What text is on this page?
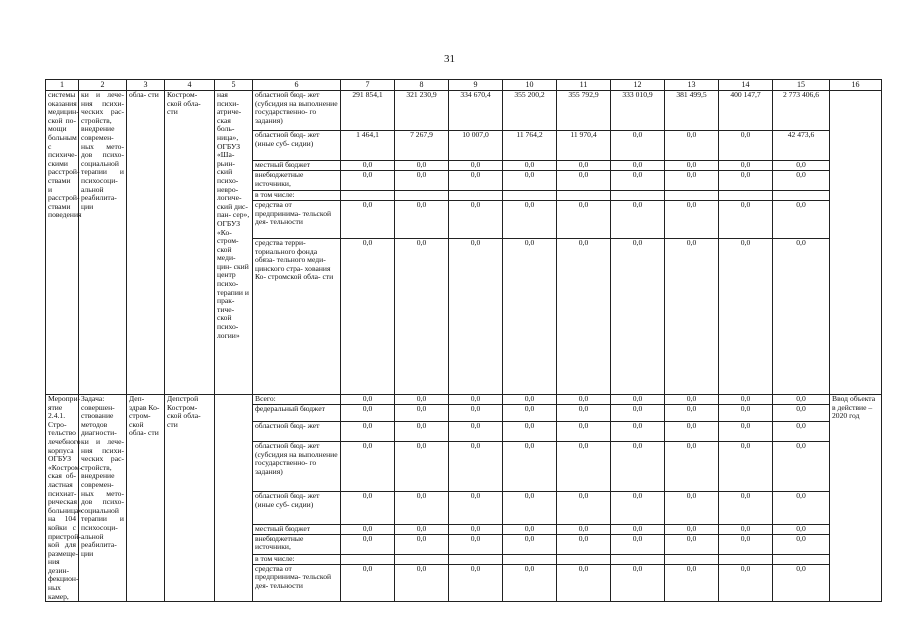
31
1	2	3	4	5	6	7	8	9	10	11	12	13	14	15	16
системы оказания медицин- ской по- мощи больным с психиче- скими расстрой- ствами и расстрой- ствами поведения	ки и лече- ния психи- ческих рас- стройств, внедрение современ- ных мето- дов психо- социальной терапии и психосоци- альной реабилита- ции	обла- сти	Костром- ской обла- сти	ная психи- атриче- ская боль- ница», ОГБУЗ «Ша- рьин- ский психо- невро- логиче- ский дис- пан- сер», ОГБУЗ «Ко- стром- ской меди- цин- ский центр психо- терапии и прак- тиче- ской психо- логии»	областной бюд- жет (субсидия на выполнение государственно- го задания)	291 854,1	321 230,9	334 670,4	355 200,2	355 792,9	333 010,9	381 499,5	400 147,7	2 773 406,6	
					областной бюд- жет (иные суб- сидии)	1 464,1	7 267,9	10 007,0	11 764,2	11 970,4	0,0	0,0	0,0	42 473,6	
					местный бюджет	0,0	0,0	0,0	0,0	0,0	0,0	0,0	0,0	0,0	
					внебюджетные источники,	0,0	0,0	0,0	0,0	0,0	0,0	0,0	0,0	0,0	
					в том числе:										
					средства от предпринима- тельской дея- тельности	0,0	0,0	0,0	0,0	0,0	0,0	0,0	0,0	0,0	
					средства терри- ториального фонда обяза- тельного меди- цинского стра- хования Ко- стромской обла- сти	0,0	0,0	0,0	0,0	0,0	0,0	0,0	0,0	0,0	
Меропри- ятие 2.4.1. Стро- тельство лечебного корпуса ОГБУЗ «Костром- ская об- ластная психиат- рическая больница» на 104 койки с пристрой- кой для размеще- ния дезин- фекцион- ных камер,	Задача: совершен- ствование методов диагности- ки и лече- ния психи- ческих рас- стройств, внедрение современ- ных мето- дов психо- социальной терапии и психосоци- альной реабилита- ции	Деп- здрав Ко- стром- ской обла- сти	Депстрой Костром- ской обла- сти		Всего:	0,0	0,0	0,0	0,0	0,0	0,0	0,0	0,0	0,0	Ввод объекта в действие – 2020 год
					федеральный бюджет	0,0	0,0	0,0	0,0	0,0	0,0	0,0	0,0	0,0	
					областной бюд- жет	0,0	0,0	0,0	0,0	0,0	0,0	0,0	0,0	0,0	
					областной бюд- жет (субсидия на выполнение государственно- го задания)	0,0	0,0	0,0	0,0	0,0	0,0	0,0	0,0	0,0	
					областной бюд- жет (иные суб- сидии)	0,0	0,0	0,0	0,0	0,0	0,0	0,0	0,0	0,0	
					местный бюджет	0,0	0,0	0,0	0,0	0,0	0,0	0,0	0,0	0,0	
					внебюджетные источники,	0,0	0,0	0,0	0,0	0,0	0,0	0,0	0,0	0,0	
					в том числе:										
					средства от предпринима- тельской дея- тельности	0,0	0,0	0,0	0,0	0,0	0,0	0,0	0,0	0,0	
